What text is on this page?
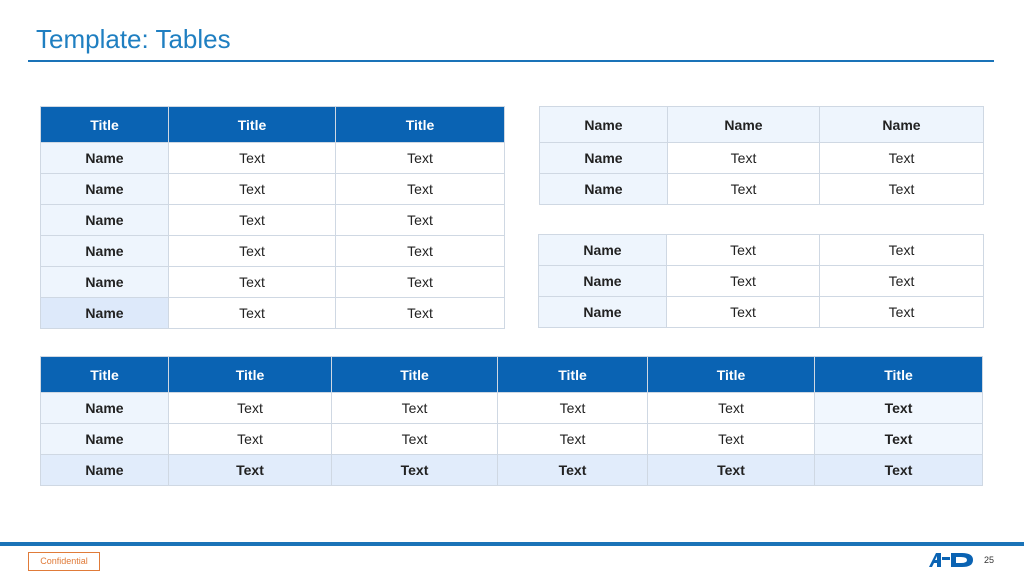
Template: Tables
Title	Title	Title
Name	Text	Text
Name	Text	Text
Name	Text	Text
Name	Text	Text
Name	Text	Text
Name	Text	Text
Name	Name	Name
Name	Text	Text
Name	Text	Text
Name	Text	Text
Name	Text	Text
Name	Text	Text
Title	Title	Title	Title	Title	Title
Name	Text	Text	Text	Text	Text
Name	Text	Text	Text	Text	Text
Name	Text	Text	Text	Text	Text
Confidential	25
